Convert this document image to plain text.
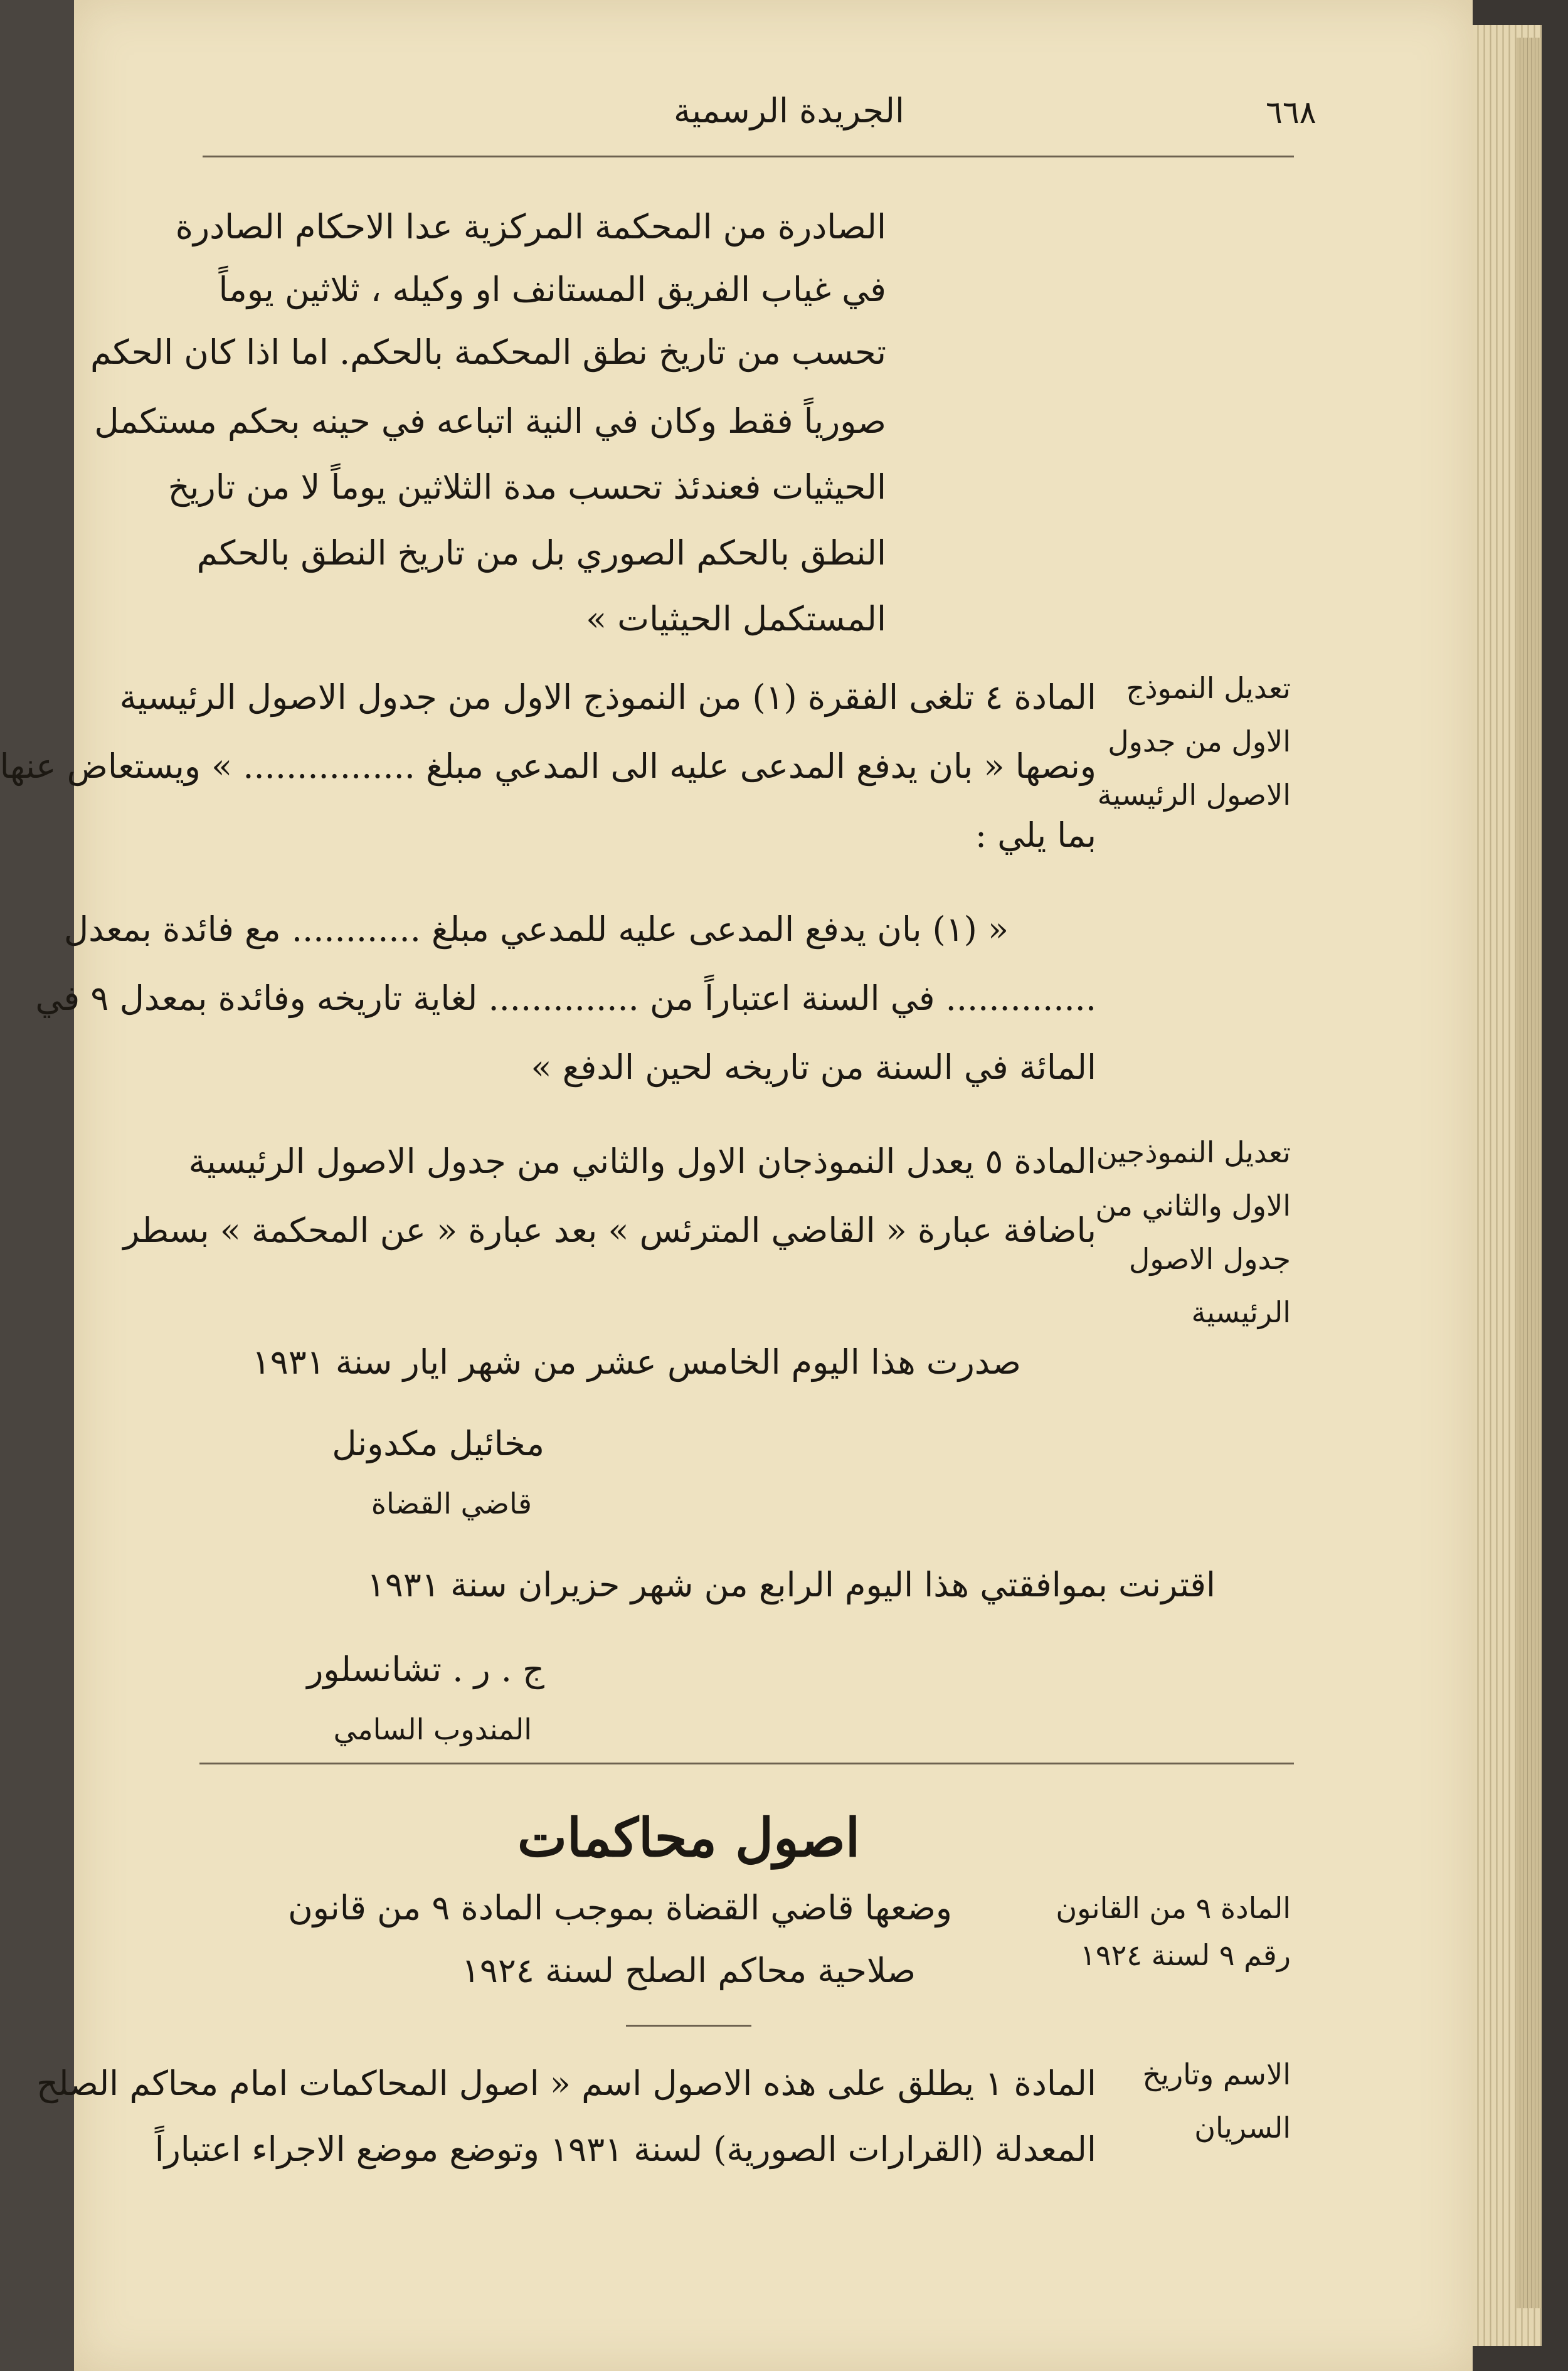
٦٦٨
الجريدة الرسمية
الصادرة من المحكمة المركزية عدا الاحكام الصادرة
في غياب الفريق المستانف او وكيله ، ثلاثين يوماً
تحسب من تاريخ نطق المحكمة بالحكم. اما اذا كان الحكم
صورياً فقط وكان في النية اتباعه في حينه بحكم مستكمل
الحيثيات فعندئذ تحسب مدة الثلاثين يوماً لا من تاريخ
النطق بالحكم الصوري بل من تاريخ النطق بالحكم
المستكمل الحيثيات »
تعديل النموذج
الاول من جدول
الاصول الرئيسية
المادة ٤ تلغى الفقرة (١) من النموذج الاول من جدول الاصول الرئيسية
ونصها « بان يدفع المدعى عليه الى المدعي مبلغ ................ » ويستعاض عنها
بما يلي :
« (١) بان يدفع المدعى عليه للمدعي مبلغ ............ مع فائدة بمعدل
.............. في السنة اعتباراً من .............. لغاية تاريخه وفائدة بمعدل ٩ في
المائة في السنة من تاريخه لحين الدفع »
تعديل النموذجين
الاول والثاني من
جدول الاصول
الرئيسية
المادة ٥ يعدل النموذجان الاول والثاني من جدول الاصول الرئيسية
باضافة عبارة « القاضي المترئس » بعد عبارة « عن المحكمة » بسطر
صدرت هذا اليوم الخامس عشر من شهر ايار سنة ١٩٣١
مخائيل مكدونل
قاضي القضاة
اقترنت بموافقتي هذا اليوم الرابع من شهر حزيران سنة ١٩٣١
ج . ر . تشانسلور
المندوب السامي
اصول محاكمات
المادة ٩ من القانون
رقم ٩ لسنة ١٩٢٤
وضعها قاضي القضاة بموجب المادة ٩ من قانون
صلاحية محاكم الصلح لسنة ١٩٢٤
الاسم وتاريخ
السريان
المادة ١ يطلق على هذه الاصول اسم « اصول المحاكمات امام محاكم الصلح
المعدلة (القرارات الصورية) لسنة ١٩٣١ وتوضع موضع الاجراء اعتباراً
